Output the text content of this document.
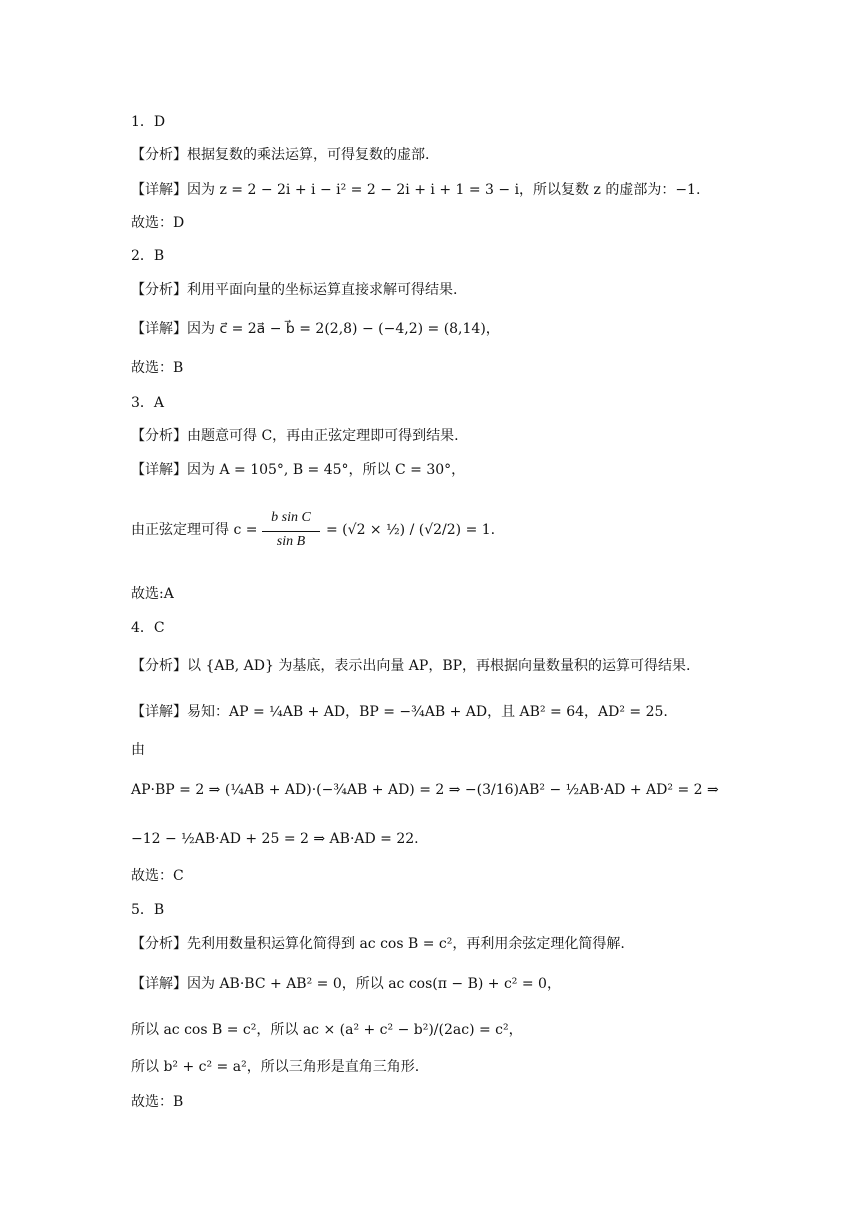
1．D
【分析】根据复数的乘法运算，可得复数的虚部.
【详解】因为 z = 2 − 2i + i − i² = 2 − 2i + i + 1 = 3 − i，所以复数 z 的虚部为：−1.
故选：D
2．B
【分析】利用平面向量的坐标运算直接求解可得结果.
【详解】因为 c⃗ = 2a⃗ − b⃗ = 2(2,8) − (−4,2) = (8,14)，
故选：B
3．A
【分析】由题意可得 C，再由正弦定理即可得到结果.
【详解】因为 A = 105°, B = 45°，所以 C = 30°，
由正弦定理可得 c =
b sin C
sin B
= (√2 × ½) / (√2/2) = 1.
故选:A
4．C
【分析】以 {AB, AD} 为基底，表示出向量 AP，BP，再根据向量数量积的运算可得结果.
【详解】易知：AP = ¼AB + AD，BP = −¾AB + AD，且 AB² = 64，AD² = 25.
由
AP·BP = 2 ⇒ (¼AB + AD)·(−¾AB + AD) = 2 ⇒ −(3/16)AB² − ½AB·AD + AD² = 2 ⇒
−12 − ½AB·AD + 25 = 2 ⇒ AB·AD = 22.
故选：C
5．B
【分析】先利用数量积运算化简得到 ac cos B = c²，再利用余弦定理化简得解.
【详解】因为 AB·BC + AB² = 0，所以 ac cos(π − B) + c² = 0，
所以 ac cos B = c²，所以 ac × (a² + c² − b²)/(2ac) = c²，
所以 b² + c² = a²，所以三角形是直角三角形.
故选：B
